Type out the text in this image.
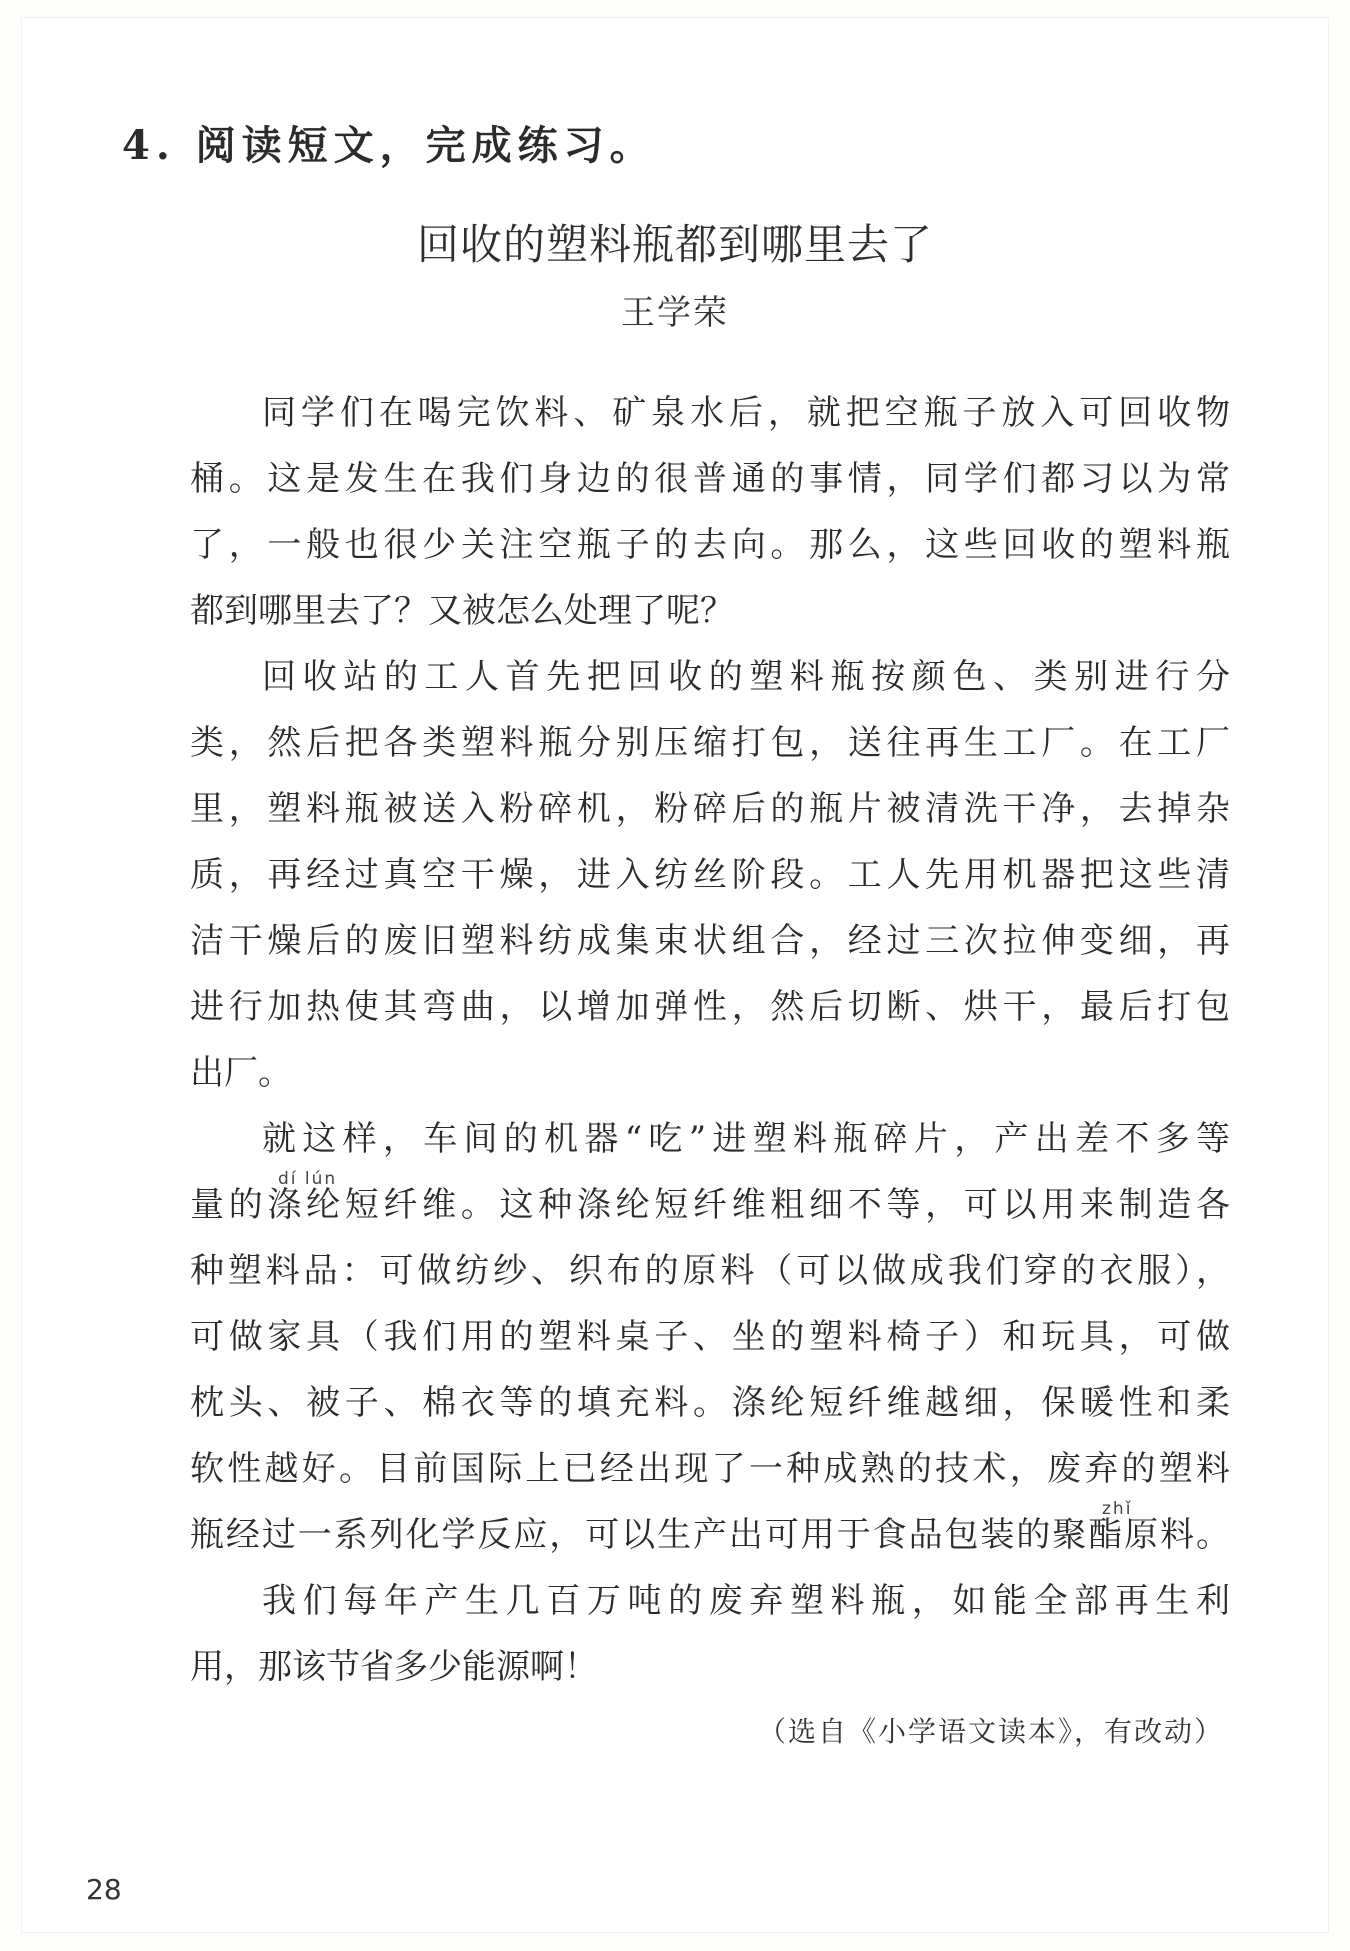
4. 阅读短文，完成练习。
回收的塑料瓶都到哪里去了
王学荣
同学们在喝完饮料、矿泉水后，就把空瓶子放入可回收物
桶。这是发生在我们身边的很普通的事情，同学们都习以为常
了，一般也很少关注空瓶子的去向。那么，这些回收的塑料瓶
都到哪里去了？又被怎么处理了呢？
回收站的工人首先把回收的塑料瓶按颜色、类别进行分
类，然后把各类塑料瓶分别压缩打包，送往再生工厂。在工厂
里，塑料瓶被送入粉碎机，粉碎后的瓶片被清洗干净，去掉杂
质，再经过真空干燥，进入纺丝阶段。工人先用机器把这些清
洁干燥后的废旧塑料纺成集束状组合，经过三次拉伸变细，再
进行加热使其弯曲，以增加弹性，然后切断、烘干，最后打包
出厂。
就这样，车间的机器“吃”进塑料瓶碎片，产出差不多等
dí lún
量的涤纶短纤维。这种涤纶短纤维粗细不等，可以用来制造各
种塑料品：可做纺纱、织布的原料（可以做成我们穿的衣服），
可做家具（我们用的塑料桌子、坐的塑料椅子）和玩具，可做
枕头、被子、棉衣等的填充料。涤纶短纤维越细，保暖性和柔
软性越好。目前国际上已经出现了一种成熟的技术，废弃的塑料
zhǐ
瓶经过一系列化学反应，可以生产出可用于食品包装的聚酯原料。
我们每年产生几百万吨的废弃塑料瓶，如能全部再生利
用，那该节省多少能源啊！
（选自《小学语文读本》，有改动）
28
